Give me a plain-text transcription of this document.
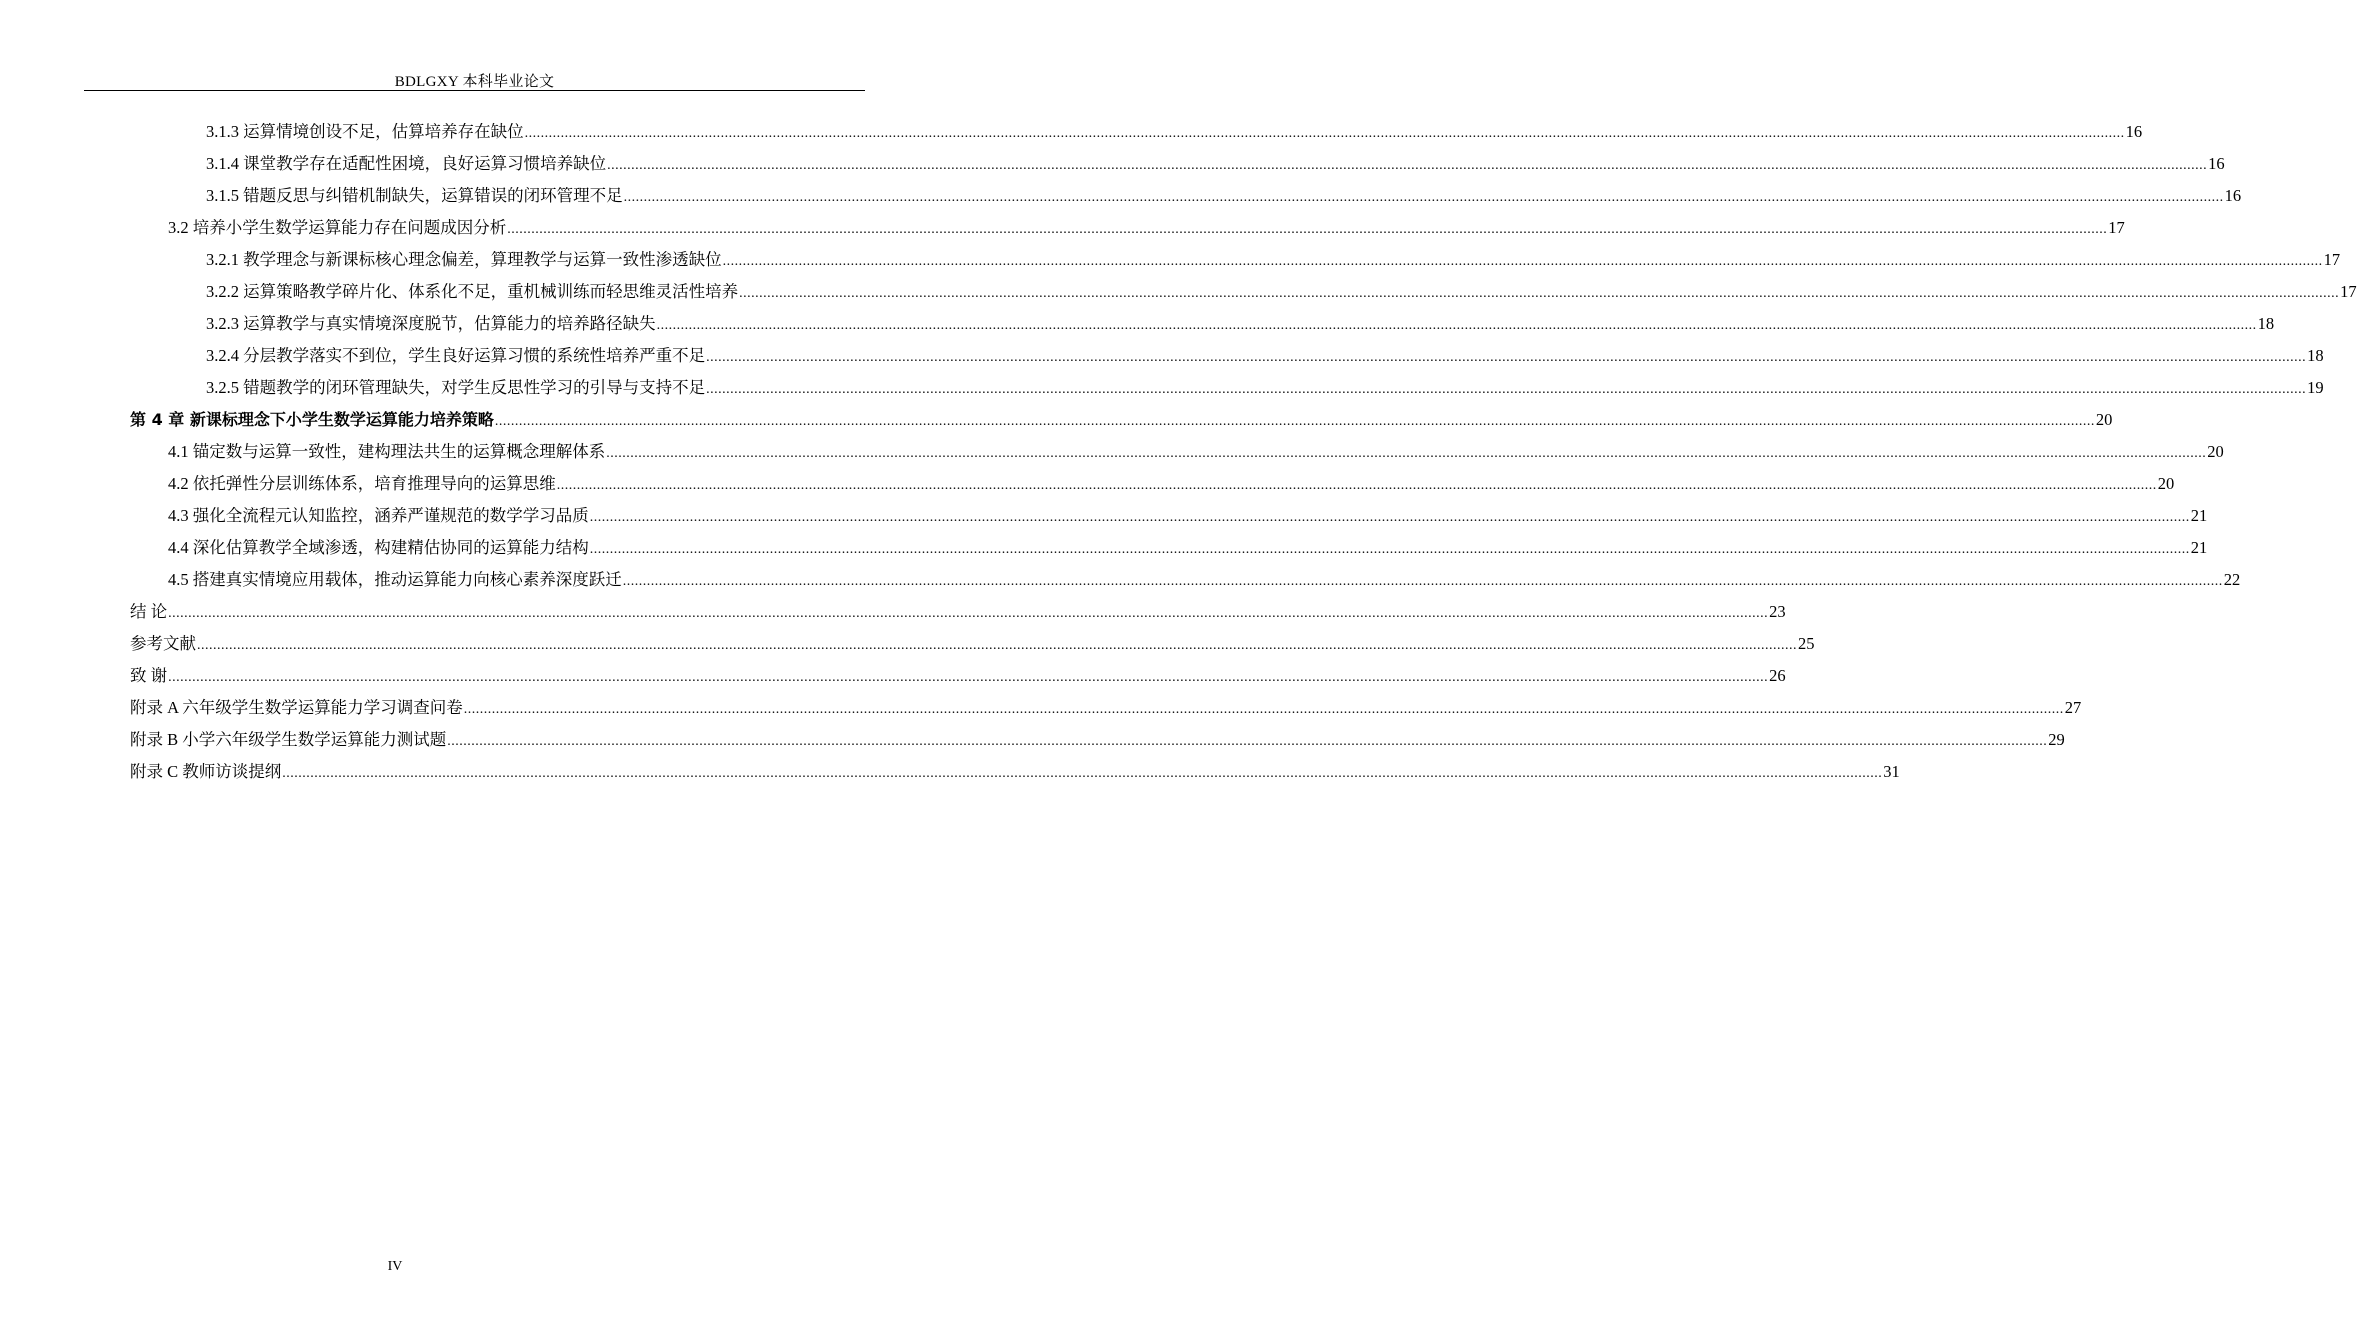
BDLGXY 本科毕业论文
3.1.3 运算情境创设不足，估算培养存在缺位 ................................................................................................................................................................................................................................................................................................................................................................................................................ 16
3.1.4 课堂教学存在适配性困境，良好运算习惯培养缺位 ................................................................................................................................................................................................................................................................................................................................................................................................................ 16
3.1.5 错题反思与纠错机制缺失，运算错误的闭环管理不足 ................................................................................................................................................................................................................................................................................................................................................................................................................ 16
3.2 培养小学生数学运算能力存在问题成因分析 ................................................................................................................................................................................................................................................................................................................................................................................................................ 17
3.2.1 教学理念与新课标核心理念偏差，算理教学与运算一致性渗透缺位 ................................................................................................................................................................................................................................................................................................................................................................................................................ 17
3.2.2 运算策略教学碎片化、体系化不足，重机械训练而轻思维灵活性培养 ................................................................................................................................................................................................................................................................................................................................................................................................................ 17
3.2.3 运算教学与真实情境深度脱节，估算能力的培养路径缺失 ................................................................................................................................................................................................................................................................................................................................................................................................................ 18
3.2.4 分层教学落实不到位，学生良好运算习惯的系统性培养严重不足 ................................................................................................................................................................................................................................................................................................................................................................................................................ 18
3.2.5 错题教学的闭环管理缺失，对学生反思性学习的引导与支持不足 ................................................................................................................................................................................................................................................................................................................................................................................................................ 19
第 4 章 新课标理念下小学生数学运算能力培养策略 ................................................................................................................................................................................................................................................................................................................................................................................................................ 20
4.1 锚定数与运算一致性，建构理法共生的运算概念理解体系 ................................................................................................................................................................................................................................................................................................................................................................................................................ 20
4.2 依托弹性分层训练体系，培育推理导向的运算思维 ................................................................................................................................................................................................................................................................................................................................................................................................................ 20
4.3 强化全流程元认知监控，涵养严谨规范的数学学习品质 ................................................................................................................................................................................................................................................................................................................................................................................................................ 21
4.4 深化估算教学全域渗透，构建精估协同的运算能力结构 ................................................................................................................................................................................................................................................................................................................................................................................................................ 21
4.5 搭建真实情境应用载体，推动运算能力向核心素养深度跃迁 ................................................................................................................................................................................................................................................................................................................................................................................................................ 22
结 论 ................................................................................................................................................................................................................................................................................................................................................................................................................ 23
参考文献 ................................................................................................................................................................................................................................................................................................................................................................................................................ 25
致 谢 ................................................................................................................................................................................................................................................................................................................................................................................................................ 26
附录 A 六年级学生数学运算能力学习调查问卷 ................................................................................................................................................................................................................................................................................................................................................................................................................ 27
附录 B 小学六年级学生数学运算能力测试题 ................................................................................................................................................................................................................................................................................................................................................................................................................ 29
附录 C 教师访谈提纲 ................................................................................................................................................................................................................................................................................................................................................................................................................ 31
IV
